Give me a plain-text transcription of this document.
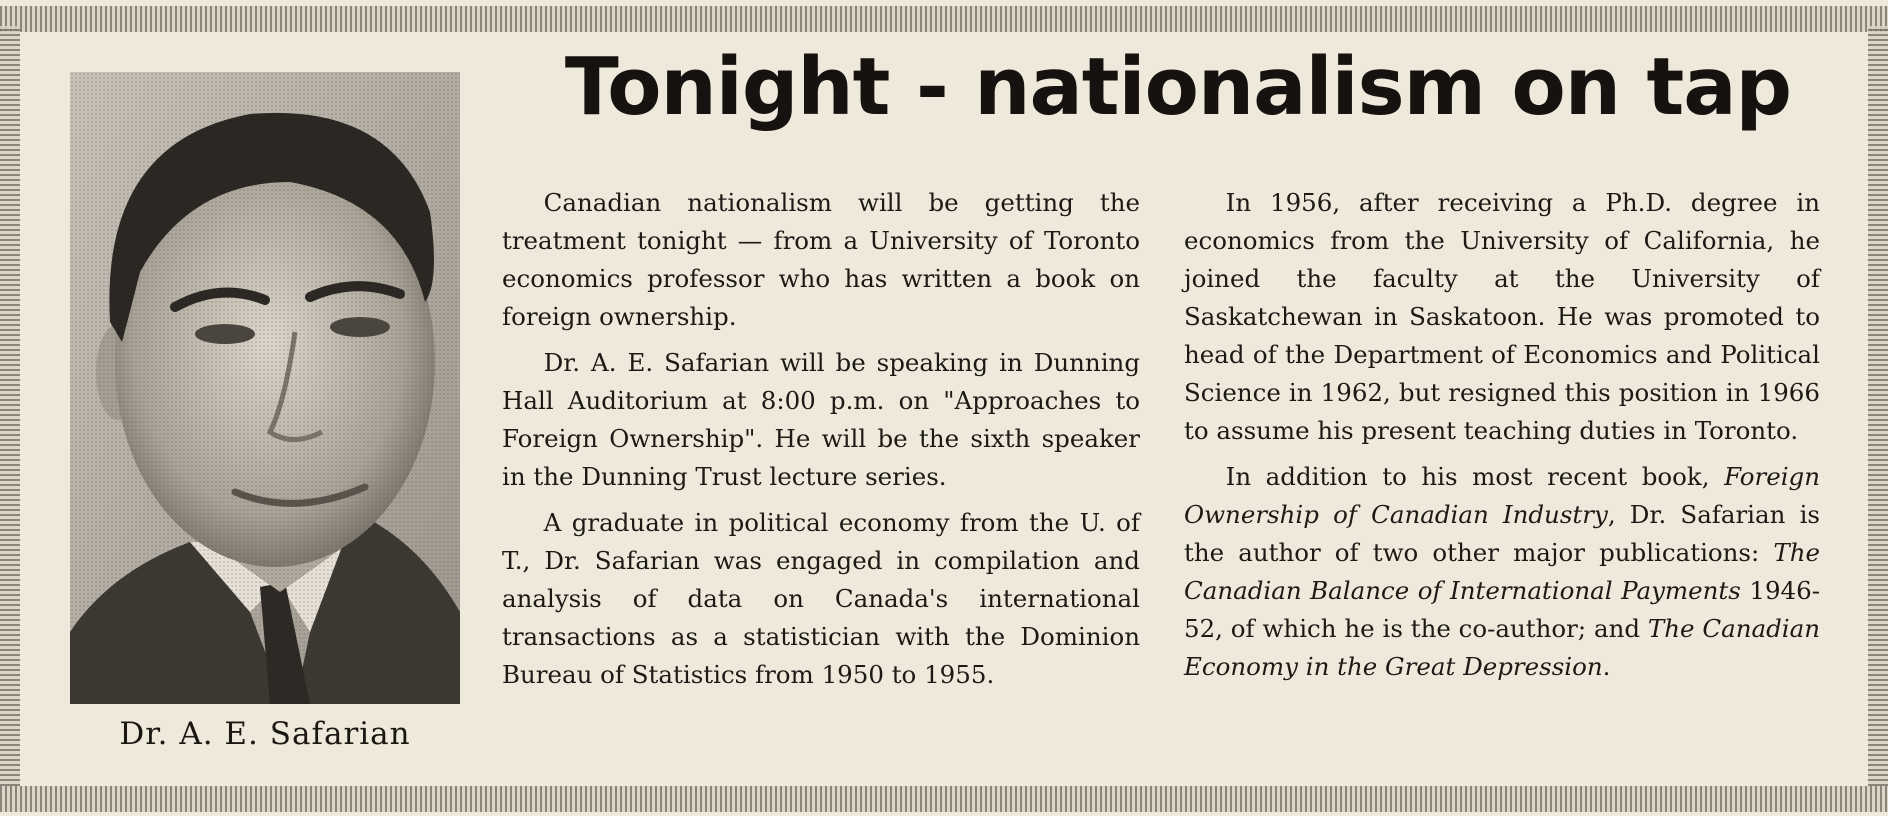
Dr. A. E. Safarian
Tonight - nationalism on tap

Canadian nationalism will be getting the treatment tonight — from a University of Toronto economics professor who has written a book on foreign ownership.

Dr. A. E. Safarian will be speaking in Dunning Hall Auditorium at 8:00 p.m. on "Approaches to Foreign Ownership". He will be the sixth speaker in the Dunning Trust lecture series.

A graduate in political economy from the U. of T., Dr. Safarian was engaged in compilation and analysis of data on Canada's international transactions as a statistician with the Dominion Bureau of Statistics from 1950 to 1955.

In 1956, after receiving a Ph.D. degree in economics from the University of California, he joined the faculty at the University of Saskatchewan in Saskatoon. He was promoted to head of the Department of Economics and Political Science in 1962, but resigned this position in 1966 to assume his present teaching duties in Toronto.

In addition to his most recent book, Foreign Ownership of Canadian Industry, Dr. Safarian is the author of two other major publications: The Canadian Balance of International Payments 1946-52, of which he is the co-author; and The Canadian Economy in the Great Depression.
